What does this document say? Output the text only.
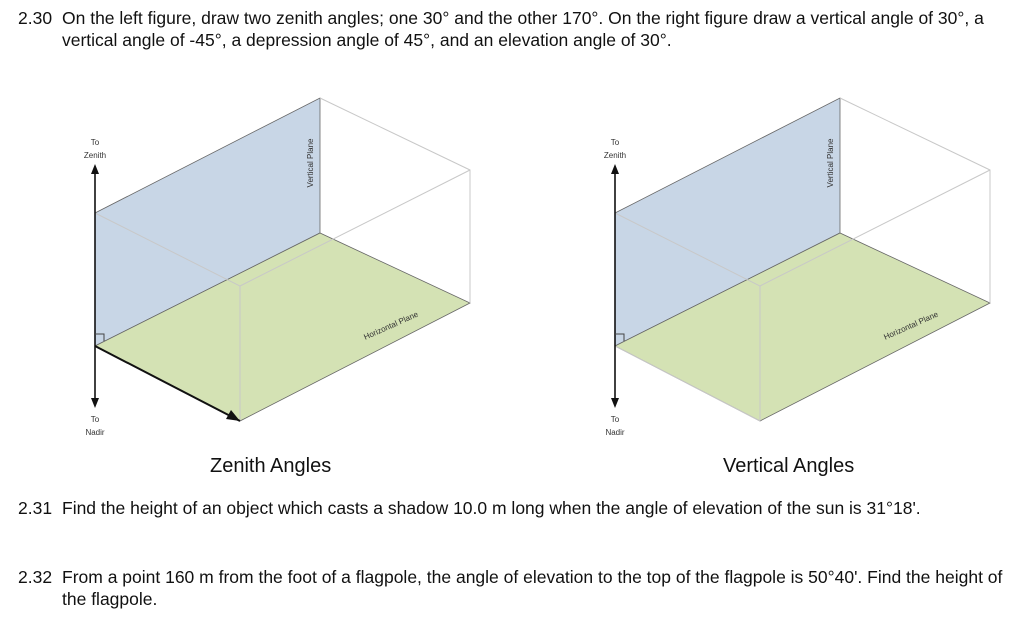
2.30 On the left figure, draw two zenith angles; one 30° and the other 170°. On the right figure draw a vertical angle of 30°, a vertical angle of -45°, a depression angle of 45°, and an elevation angle of 30°.
To
Zenith
To
Nadir
Vertical Plane
Horizontal Plane
To
Zenith
To
Nadir
Vertical Plane
Horizontal Plane
Zenith Angles	Vertical Angles
2.31 Find the height of an object which casts a shadow 10.0 m long when the angle of elevation of the sun is 31°18'.
2.32 From a point 160 m from the foot of a flagpole, the angle of elevation to the top of the flagpole is 50°40'. Find the height of the flagpole.
